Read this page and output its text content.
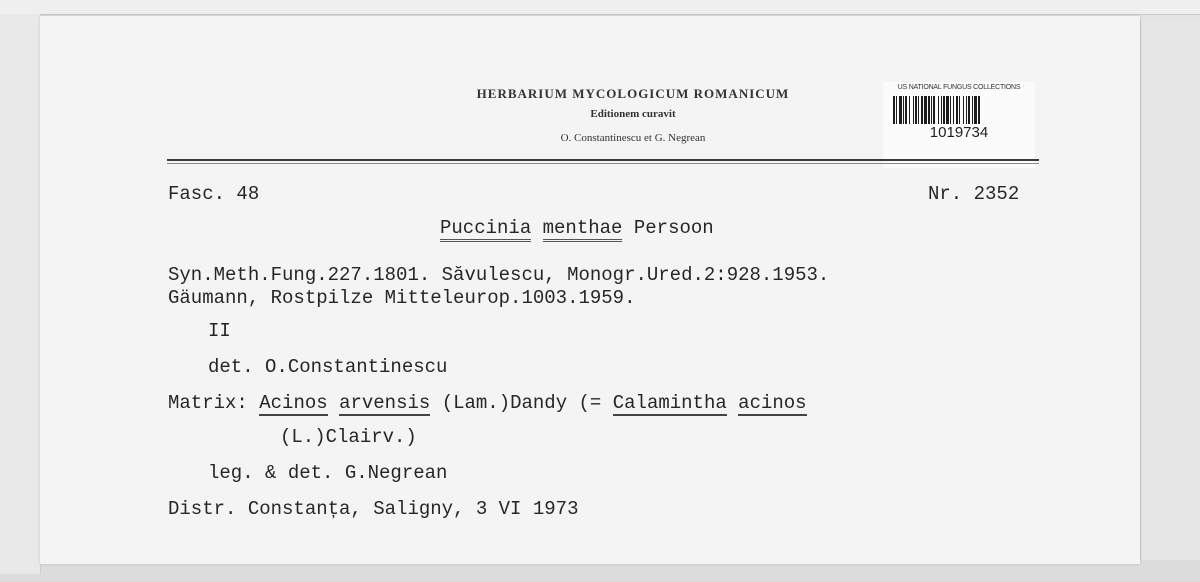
HERBARIUM MYCOLOGICUM ROMANICUM
Editionem curavit
O. Constantinescu et G. Negrean
US NATIONAL FUNGUS COLLECTIONS
1019734
Fasc. 48	Nr. 2352
Puccinia menthae Persoon
Syn.Meth.Fung.227.1801. Săvulescu, Monogr.Ured.2:928.1953.
Gäumann, Rostpilze Mitteleurop.1003.1959.
II
det. O.Constantinescu
Matrix: Acinos arvensis (Lam.)Dandy (= Calamintha acinos
(L.)Clairv.)
leg. & det. G.Negrean
Distr. Constanța, Saligny, 3 VI 1973
